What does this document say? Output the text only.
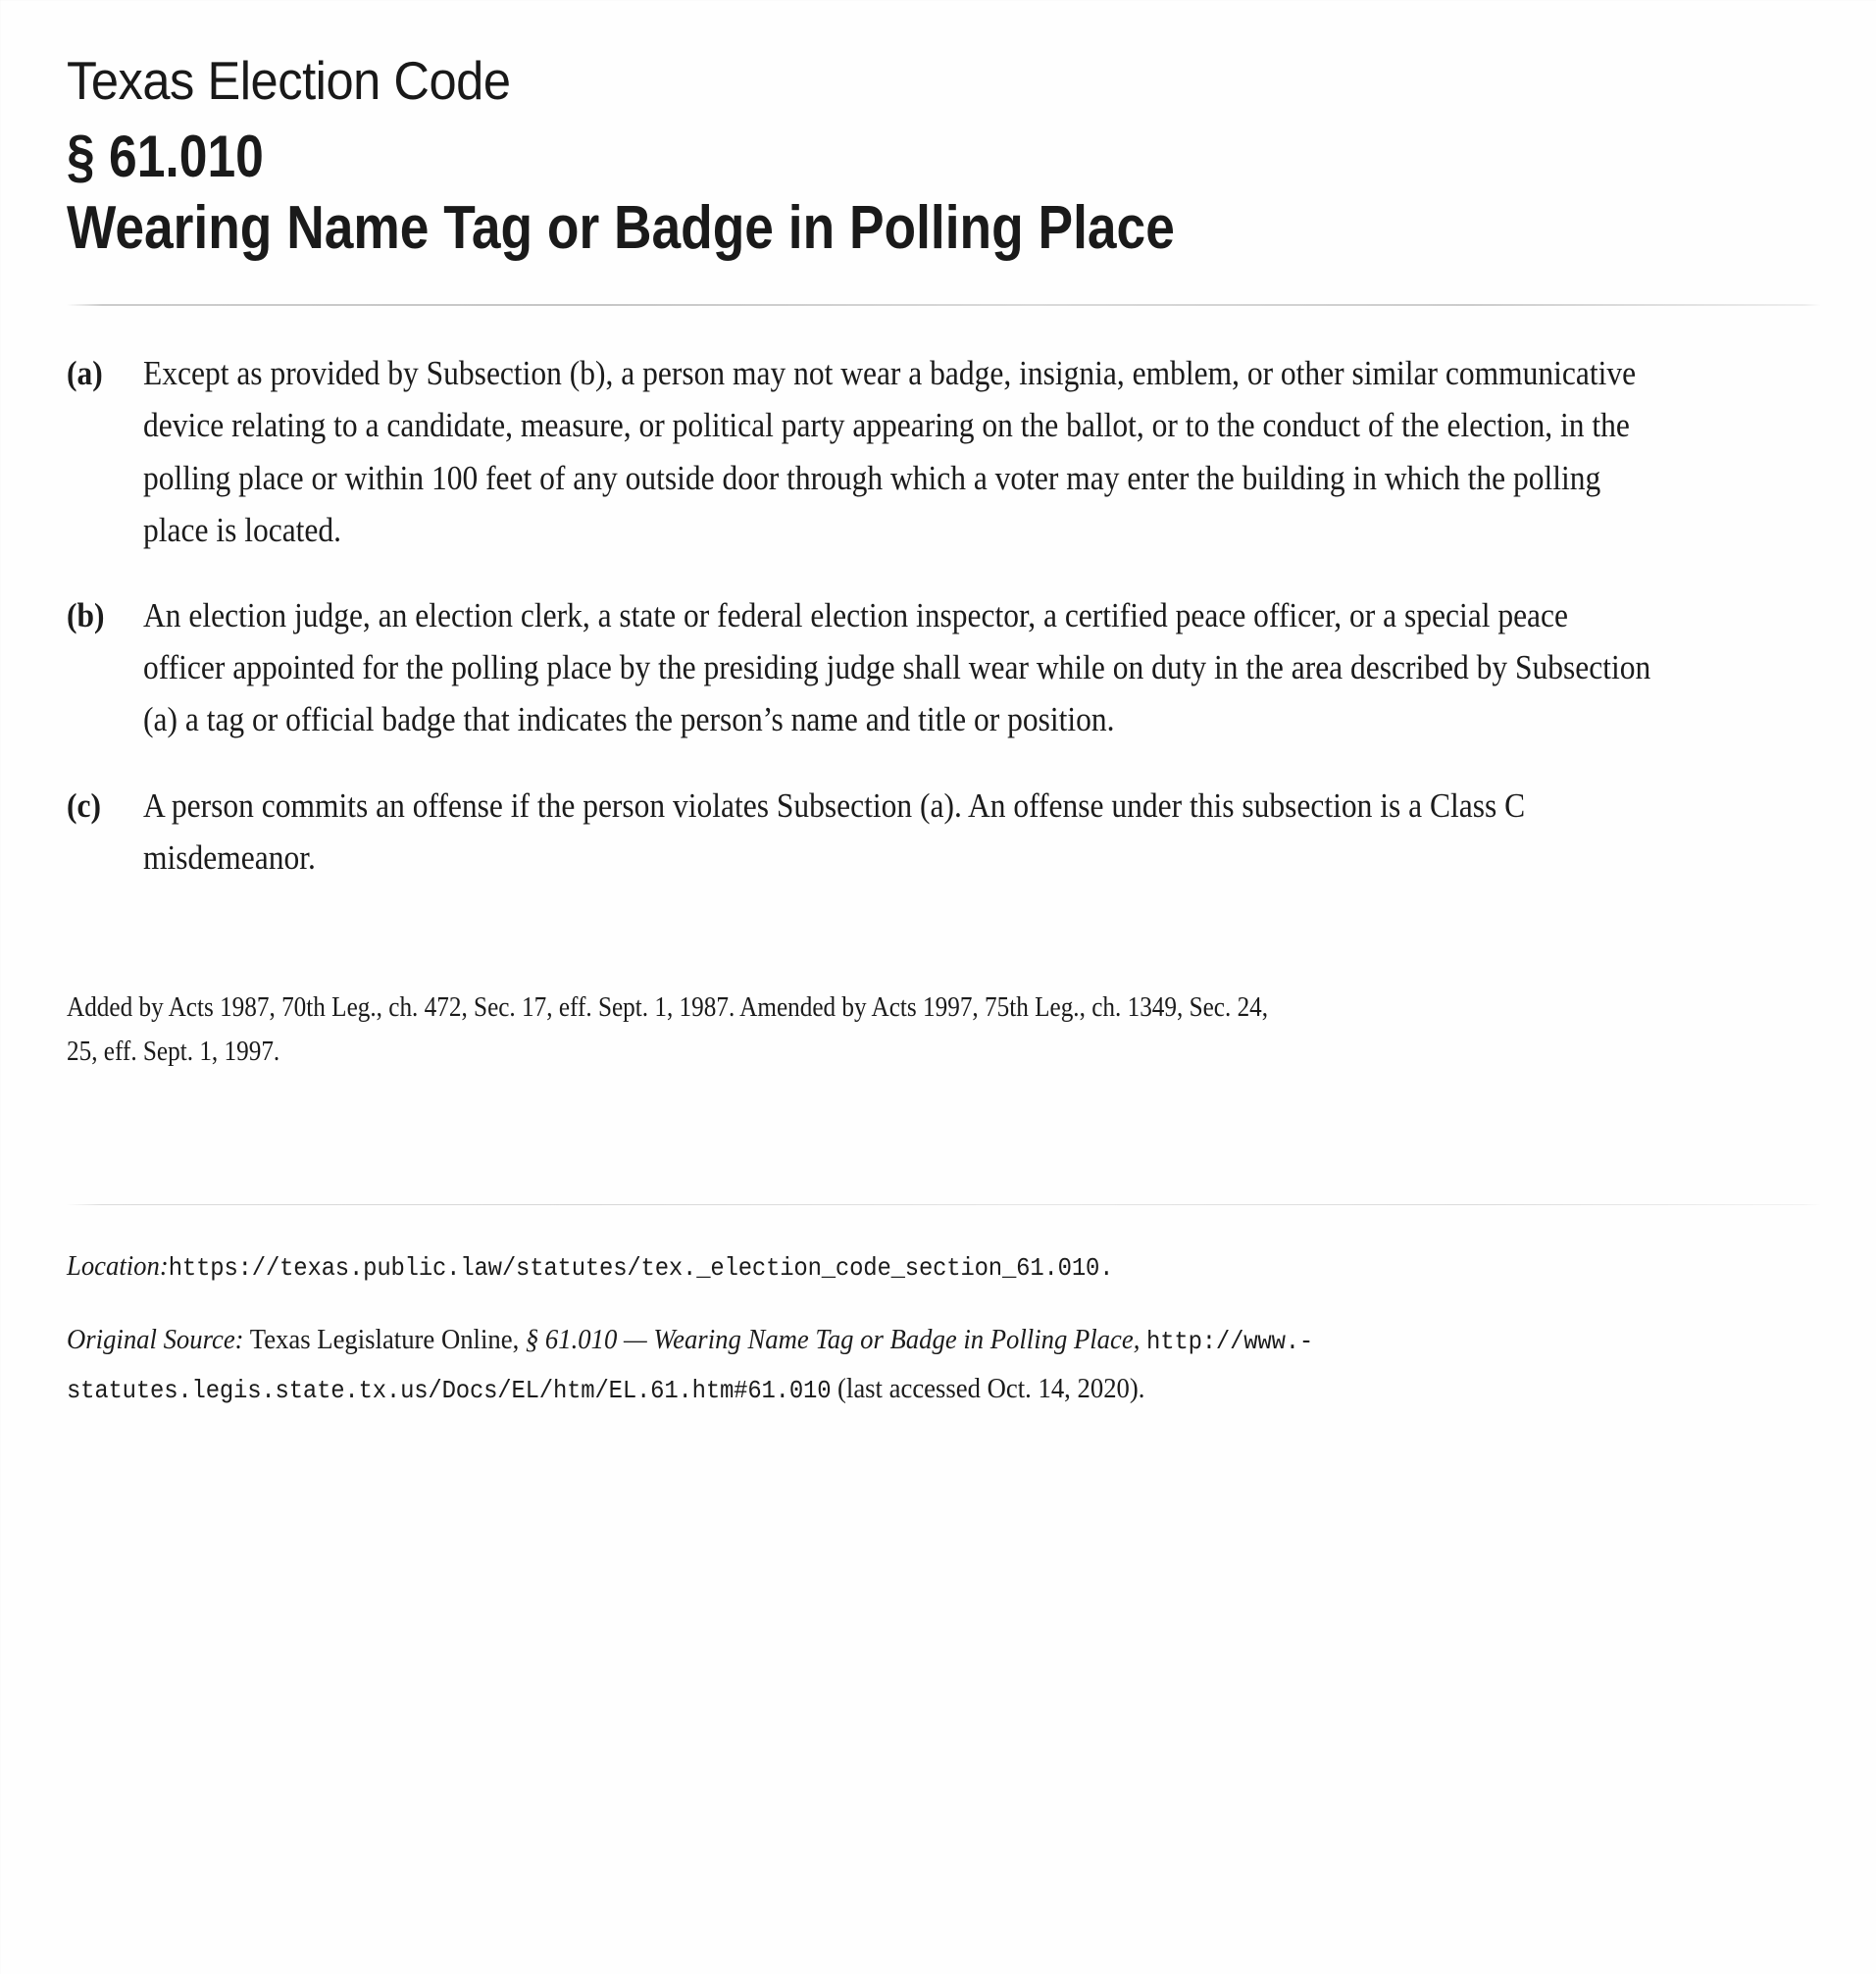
Texas Election Code
§ 61.010
Wearing Name Tag or Badge in Polling Place
(a)	Except as provided by Subsection (b), a person may not wear a badge, insignia, emblem, or other similar communicative device relating to a candidate, measure, or political party appearing on the ballot, or to the conduct of the election, in the polling place or within 100 feet of any outside door through which a voter may enter the building in which the polling place is located.
(b)	An election judge, an election clerk, a state or federal election inspector, a certified peace officer, or a special peace officer appointed for the polling place by the presiding judge shall wear while on duty in the area described by Subsection (a) a tag or official badge that indicates the person’s name and title or position.
(c)	A person commits an offense if the person violates Subsection (a). An offense under this subsection is a Class C misdemeanor.
Added by Acts 1987, 70th Leg., ch. 472, Sec. 17, eff. Sept. 1, 1987. Amended by Acts 1997, 75th Leg., ch. 1349, Sec. 24, 25, eff. Sept. 1, 1997.
Location:https://texas.public.law/statutes/tex._election_code_section_61.010.
Original Source: Texas Legislature Online, § 61.010 — Wearing Name Tag or Badge in Polling Place, http://www.-statutes.legis.state.tx.us/Docs/EL/htm/EL.61.htm#61.010 (last accessed Oct. 14, 2020).
